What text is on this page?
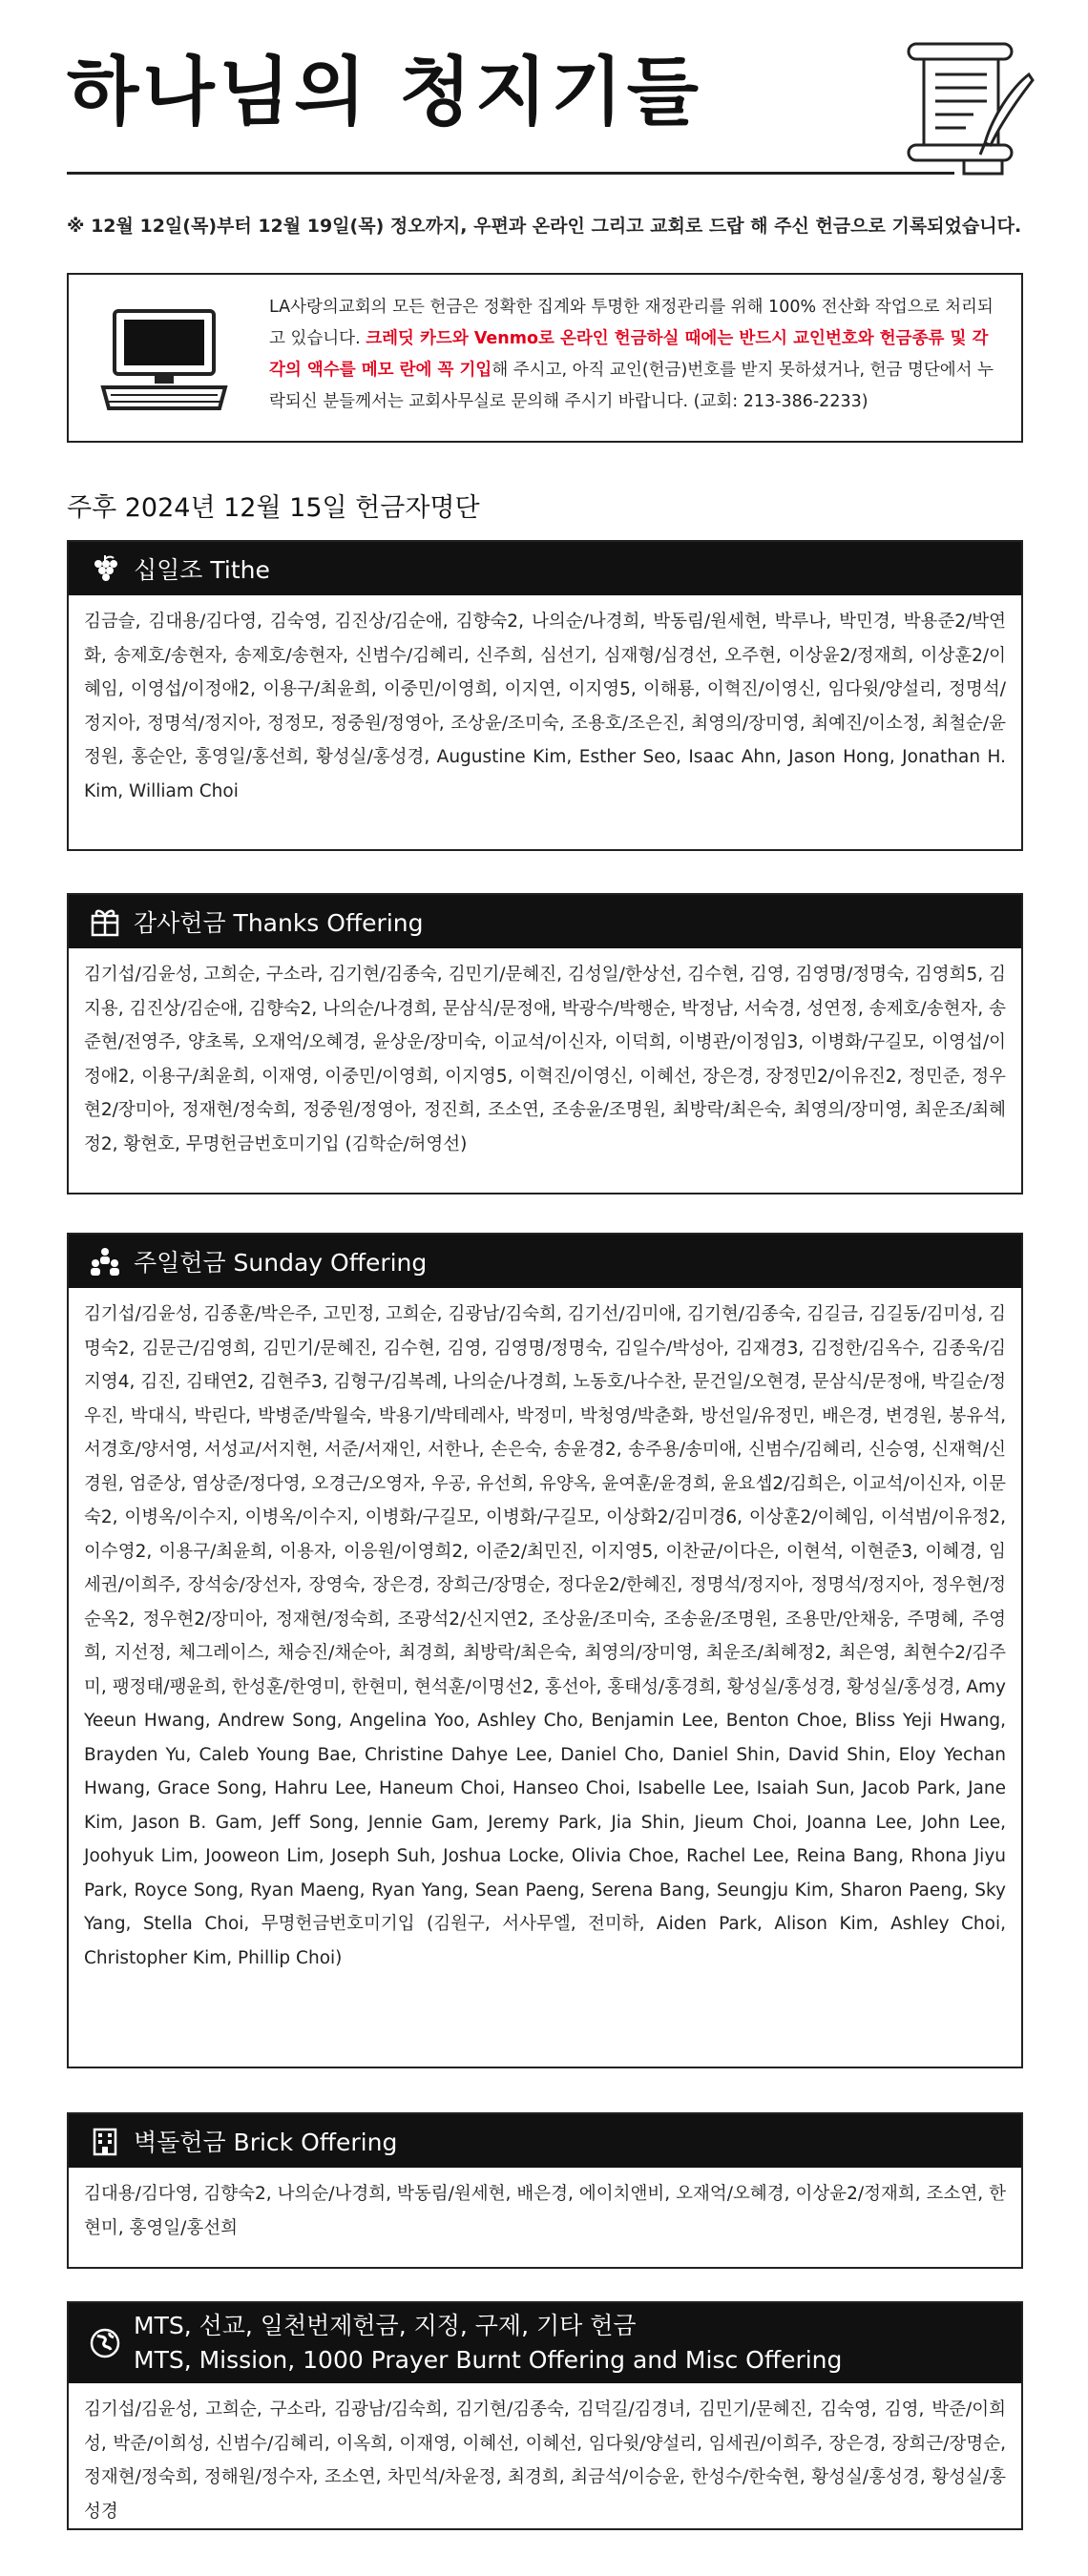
하나님의 청지기들
※ 12월 12일(목)부터 12월 19일(목) 정오까지, 우편과 온라인 그리고 교회로 드랍 해 주신 헌금으로 기록되었습니다.
LA사랑의교회의 모든 헌금은 정확한 집계와 투명한 재정관리를 위해 100% 전산화 작업으로 처리되고 있습니다. 크레딧 카드와 Venmo로 온라인 헌금하실 때에는 반드시 교인번호와 헌금종류 및 각각의 액수를 메모 란에 꼭 기입해 주시고, 아직 교인(헌금)번호를 받지 못하셨거나, 헌금 명단에서 누락되신 분들께서는 교회사무실로 문의해 주시기 바랍니다. (교회: 213-386-2233)
주후 2024년 12월 15일 헌금자명단
십일조 Tithe
김금슬, 김대용/김다영, 김숙영, 김진상/김순애, 김향숙2, 나의순/나경희, 박동림/원세현, 박루나, 박민경, 박용준2/박연화, 송제호/송현자, 송제호/송현자, 신범수/김혜리, 신주희, 심선기, 심재형/심경선, 오주현, 이상윤2/정재희, 이상훈2/이혜임, 이영섭/이정애2, 이용구/최윤희, 이중민/이영희, 이지연, 이지영5, 이해룡, 이혁진/이영신, 임다윗/양설리, 정명석/정지아, 정명석/정지아, 정정모, 정중원/정영아, 조상윤/조미숙, 조용호/조은진, 최영의/장미영, 최예진/이소정, 최철순/윤정원, 홍순안, 홍영일/홍선희, 황성실/홍성경, Augustine Kim, Esther Seo, Isaac Ahn, Jason Hong, Jonathan H. Kim, William Choi
감사헌금 Thanks Offering
김기섭/김윤성, 고희순, 구소라, 김기현/김종숙, 김민기/문혜진, 김성일/한상선, 김수현, 김영, 김영명/정명숙, 김영희5, 김지용, 김진상/김순애, 김향숙2, 나의순/나경희, 문삼식/문정애, 박광수/박행순, 박정남, 서숙경, 성연정, 송제호/송현자, 송준현/전영주, 양초록, 오재억/오혜경, 윤상운/장미숙, 이교석/이신자, 이덕희, 이병관/이정임3, 이병화/구길모, 이영섭/이정애2, 이용구/최윤희, 이재영, 이중민/이영희, 이지영5, 이혁진/이영신, 이혜선, 장은경, 장정민2/이유진2, 정민준, 정우현2/장미아, 정재현/정숙희, 정중원/정영아, 정진희, 조소연, 조송윤/조명원, 최방락/최은숙, 최영의/장미영, 최운조/최혜정2, 황현호, 무명헌금번호미기입 (김학순/허영선)
주일헌금 Sunday Offering
김기섭/김윤성, 김종훈/박은주, 고민정, 고희순, 김광남/김숙희, 김기선/김미애, 김기현/김종숙, 김길금, 김길동/김미성, 김명숙2, 김문근/김영희, 김민기/문혜진, 김수현, 김영, 김영명/정명숙, 김일수/박성아, 김재경3, 김정한/김옥수, 김종욱/김지영4, 김진, 김태연2, 김현주3, 김형구/김복례, 나의순/나경희, 노동호/나수찬, 문건일/오현경, 문삼식/문정애, 박길순/정우진, 박대식, 박린다, 박병준/박월숙, 박용기/박테레사, 박정미, 박청영/박춘화, 방선일/유정민, 배은경, 변경원, 봉유석, 서경호/양서영, 서성교/서지현, 서준/서재인, 서한나, 손은숙, 송윤경2, 송주용/송미애, 신범수/김혜리, 신승영, 신재혁/신경원, 엄준상, 염상준/정다영, 오경근/오영자, 우공, 유선희, 유양옥, 윤여훈/윤경희, 윤요셉2/김희은, 이교석/이신자, 이문숙2, 이병옥/이수지, 이병옥/이수지, 이병화/구길모, 이병화/구길모, 이상화2/김미경6, 이상훈2/이혜임, 이석범/이유정2, 이수영2, 이용구/최윤희, 이용자, 이응원/이영희2, 이준2/최민진, 이지영5, 이찬균/이다은, 이현석, 이현준3, 이혜경, 임세권/이희주, 장석숭/장선자, 장영숙, 장은경, 장희근/장명순, 정다운2/한혜진, 정명석/정지아, 정명석/정지아, 정우현/정순옥2, 정우현2/장미아, 정재현/정숙희, 조광석2/신지연2, 조상윤/조미숙, 조송윤/조명원, 조용만/안채웅, 주명혜, 주영희, 지선정, 체그레이스, 채승진/채순아, 최경희, 최방락/최은숙, 최영의/장미영, 최운조/최혜정2, 최은영, 최현수2/김주미, 팽정태/팽윤희, 한성훈/한영미, 한현미, 현석훈/이명선2, 홍선아, 홍태성/홍경희, 황성실/홍성경, 황성실/홍성경, Amy Yeeun Hwang, Andrew Song, Angelina Yoo, Ashley Cho, Benjamin Lee, Benton Choe, Bliss Yeji Hwang, Brayden Yu, Caleb Young Bae, Christine Dahye Lee, Daniel Cho, Daniel Shin, David Shin, Eloy Yechan Hwang, Grace Song, Hahru Lee, Haneum Choi, Hanseo Choi, Isabelle Lee, Isaiah Sun, Jacob Park, Jane Kim, Jason B. Gam, Jeff Song, Jennie Gam, Jeremy Park, Jia Shin, Jieum Choi, Joanna Lee, John Lee, Joohyuk Lim, Jooweon Lim, Joseph Suh, Joshua Locke, Olivia Choe, Rachel Lee, Reina Bang, Rhona Jiyu Park, Royce Song, Ryan Maeng, Ryan Yang, Sean Paeng, Serena Bang, Seungju Kim, Sharon Paeng, Sky Yang, Stella Choi, 무명헌금번호미기입 (김원구, 서사무엘, 전미하, Aiden Park, Alison Kim, Ashley Choi, Christopher Kim, Phillip Choi)
벽돌헌금 Brick Offering
김대용/김다영, 김향숙2, 나의순/나경희, 박동림/원세현, 배은경, 에이치앤비, 오재억/오혜경, 이상윤2/정재희, 조소연, 한현미, 홍영일/홍선희
MTS, 선교, 일천번제헌금, 지정, 구제, 기타 헌금
MTS, Mission, 1000 Prayer Burnt Offering and Misc Offering
김기섭/김윤성, 고희순, 구소라, 김광남/김숙희, 김기현/김종숙, 김덕길/김경녀, 김민기/문혜진, 김숙영, 김영, 박준/이희성, 박준/이희성, 신범수/김혜리, 이옥희, 이재영, 이혜선, 이혜선, 임다윗/양설리, 임세권/이희주, 장은경, 장희근/장명순, 정재현/정숙희, 정해원/정수자, 조소연, 차민석/차윤정, 최경희, 최금석/이승윤, 한성수/한숙현, 황성실/홍성경, 황성실/홍성경
